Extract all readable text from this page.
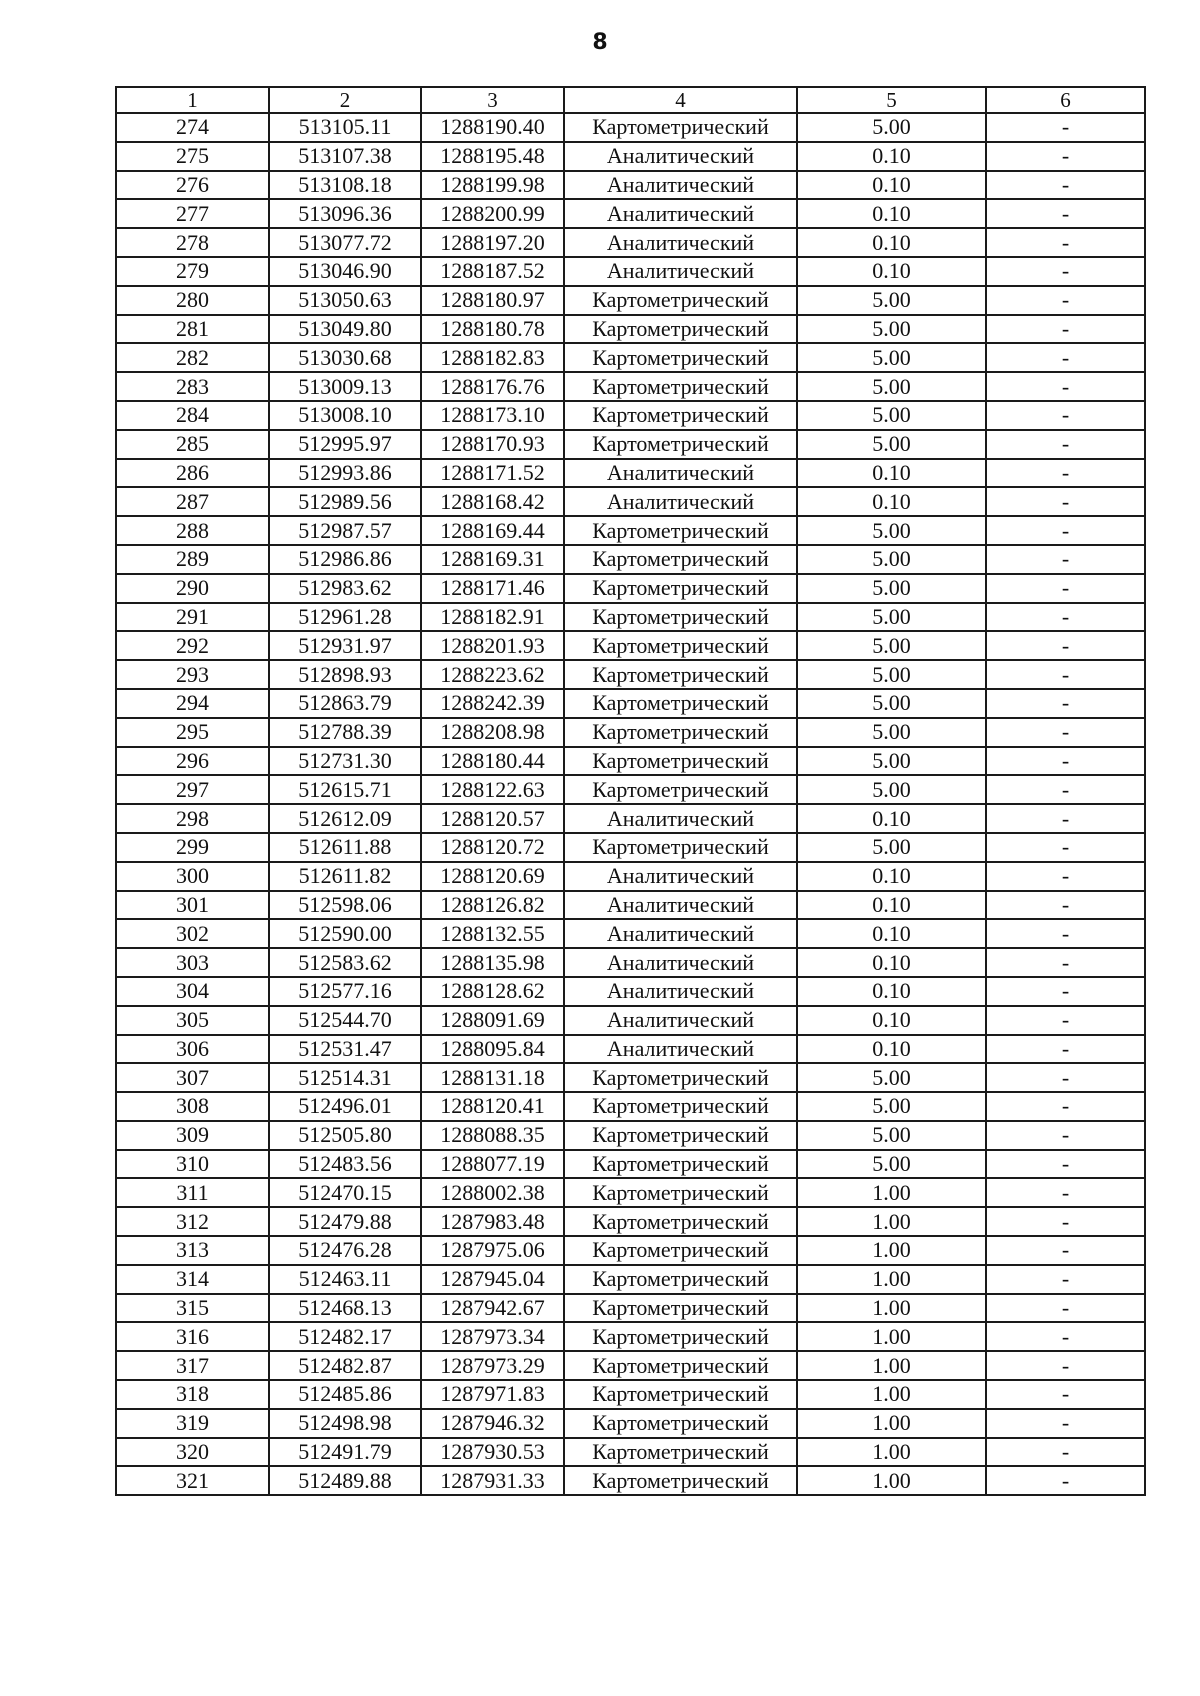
8
1	2	3	4	5	6
274	513105.11	1288190.40	Картометрический	5.00	-
275	513107.38	1288195.48	Аналитический	0.10	-
276	513108.18	1288199.98	Аналитический	0.10	-
277	513096.36	1288200.99	Аналитический	0.10	-
278	513077.72	1288197.20	Аналитический	0.10	-
279	513046.90	1288187.52	Аналитический	0.10	-
280	513050.63	1288180.97	Картометрический	5.00	-
281	513049.80	1288180.78	Картометрический	5.00	-
282	513030.68	1288182.83	Картометрический	5.00	-
283	513009.13	1288176.76	Картометрический	5.00	-
284	513008.10	1288173.10	Картометрический	5.00	-
285	512995.97	1288170.93	Картометрический	5.00	-
286	512993.86	1288171.52	Аналитический	0.10	-
287	512989.56	1288168.42	Аналитический	0.10	-
288	512987.57	1288169.44	Картометрический	5.00	-
289	512986.86	1288169.31	Картометрический	5.00	-
290	512983.62	1288171.46	Картометрический	5.00	-
291	512961.28	1288182.91	Картометрический	5.00	-
292	512931.97	1288201.93	Картометрический	5.00	-
293	512898.93	1288223.62	Картометрический	5.00	-
294	512863.79	1288242.39	Картометрический	5.00	-
295	512788.39	1288208.98	Картометрический	5.00	-
296	512731.30	1288180.44	Картометрический	5.00	-
297	512615.71	1288122.63	Картометрический	5.00	-
298	512612.09	1288120.57	Аналитический	0.10	-
299	512611.88	1288120.72	Картометрический	5.00	-
300	512611.82	1288120.69	Аналитический	0.10	-
301	512598.06	1288126.82	Аналитический	0.10	-
302	512590.00	1288132.55	Аналитический	0.10	-
303	512583.62	1288135.98	Аналитический	0.10	-
304	512577.16	1288128.62	Аналитический	0.10	-
305	512544.70	1288091.69	Аналитический	0.10	-
306	512531.47	1288095.84	Аналитический	0.10	-
307	512514.31	1288131.18	Картометрический	5.00	-
308	512496.01	1288120.41	Картометрический	5.00	-
309	512505.80	1288088.35	Картометрический	5.00	-
310	512483.56	1288077.19	Картометрический	5.00	-
311	512470.15	1288002.38	Картометрический	1.00	-
312	512479.88	1287983.48	Картометрический	1.00	-
313	512476.28	1287975.06	Картометрический	1.00	-
314	512463.11	1287945.04	Картометрический	1.00	-
315	512468.13	1287942.67	Картометрический	1.00	-
316	512482.17	1287973.34	Картометрический	1.00	-
317	512482.87	1287973.29	Картометрический	1.00	-
318	512485.86	1287971.83	Картометрический	1.00	-
319	512498.98	1287946.32	Картометрический	1.00	-
320	512491.79	1287930.53	Картометрический	1.00	-
321	512489.88	1287931.33	Картометрический	1.00	-
